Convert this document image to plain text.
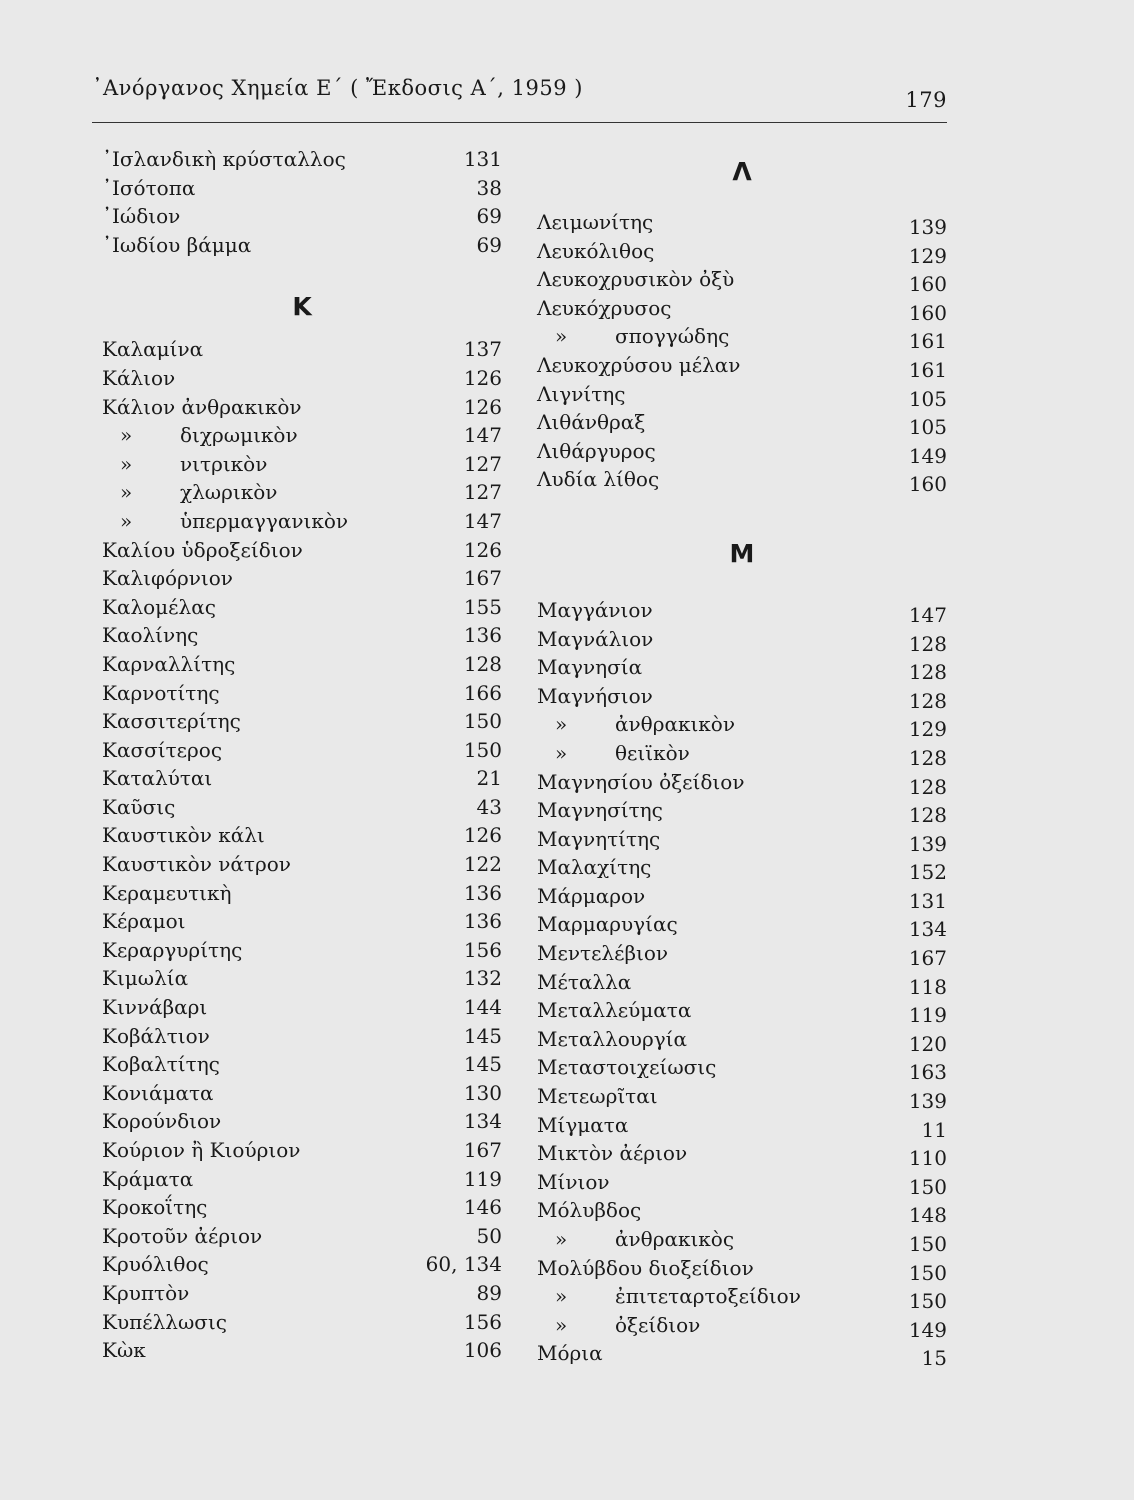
᾿Ανόργανος Χημεία Ε΄ ( Ἔκδοσις Α΄, 1959 )	179
᾿Ισλανδικὴ κρύσταλλος	131
᾿Ισότοπα	38
᾿Ιώδιον	69
᾿Ιωδίου βάμμα	69
Κ
Καλαμίνα	137
Κάλιον	126
Κάλιον ἀνθρακικὸν	126
» διχρωμικὸν	147
» νιτρικὸν	127
» χλωρικὸν	127
» ὑπερμαγγανικὸν	147
Καλίου ὑδροξείδιον	126
Καλιφόρνιον	167
Καλομέλας	155
Καολίνης	136
Καρναλλίτης	128
Καρνοτίτης	166
Κασσιτερίτης	150
Κασσίτερος	150
Καταλύται	21
Καῦσις	43
Καυστικὸν κάλι	126
Καυστικὸν νάτρον	122
Κεραμευτικὴ	136
Κέραμοι	136
Κεραργυρίτης	156
Κιμωλία	132
Κιννάβαρι	144
Κοβάλτιον	145
Κοβαλτίτης	145
Κονιάματα	130
Κορούνδιον	134
Κούριον ἢ Κιούριον	167
Κράματα	119
Κροκοΐτης	146
Κροτοῦν ἀέριον	50
Κρυόλιθος	60, 134
Κρυπτὸν	89
Κυπέλλωσις	156
Κὼκ	106
Λ
Λειμωνίτης	139
Λευκόλιθος	129
Λευκοχρυσικὸν ὀξὺ	160
Λευκόχρυσος	160
» σπογγώδης	161
Λευκοχρύσου μέλαν	161
Λιγνίτης	105
Λιθάνθραξ	105
Λιθάργυρος	149
Λυδία λίθος	160
Μ
Μαγγάνιον	147
Μαγνάλιον	128
Μαγνησία	128
Μαγνήσιον	128
» ἀνθρακικὸν	129
» θειϊκὸν	128
Μαγνησίου ὀξείδιον	128
Μαγνησίτης	128
Μαγνητίτης	139
Μαλαχίτης	152
Μάρμαρον	131
Μαρμαρυγίας	134
Μεντελέβιον	167
Μέταλλα	118
Μεταλλεύματα	119
Μεταλλουργία	120
Μεταστοιχείωσις	163
Μετεωρῖται	139
Μίγματα	11
Μικτὸν ἀέριον	110
Μίνιον	150
Μόλυβδος	148
» ἀνθρακικὸς	150
Μολύβδου διοξείδιον	150
» ἐπιτεταρτοξείδιον	150
» ὀξείδιον	149
Μόρια	15
